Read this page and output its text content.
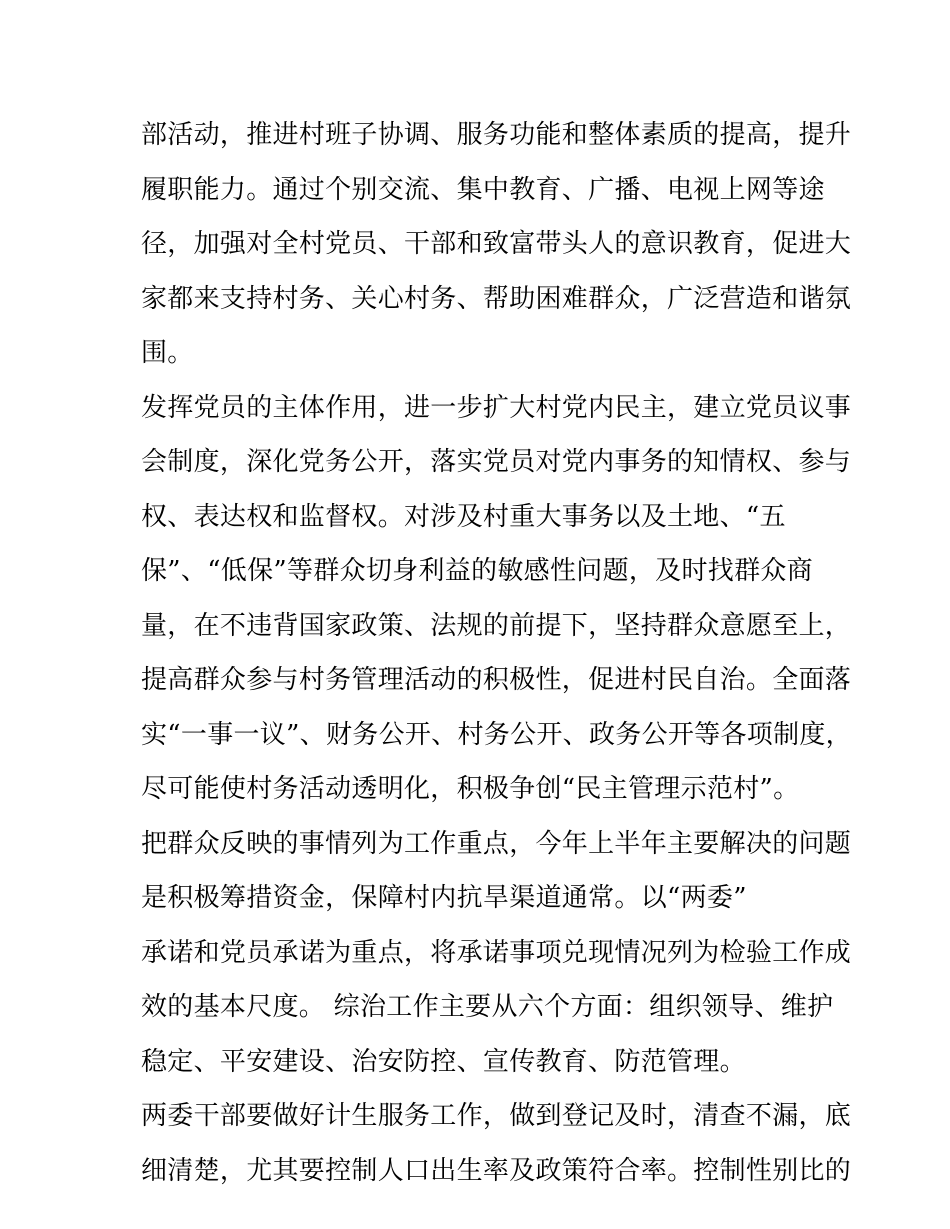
部活动，推进村班子协调、服务功能和整体素质的提高，提升
履职能力。通过个别交流、集中教育、广播、电视上网等途
径，加强对全村党员、干部和致富带头人的意识教育，促进大
家都来支持村务、关心村务、帮助困难群众，广泛营造和谐氛
围。
发挥党员的主体作用，进一步扩大村党内民主，建立党员议事
会制度，深化党务公开，落实党员对党内事务的知情权、参与
权、表达权和监督权。对涉及村重大事务以及土地、“五
保”、“低保”等群众切身利益的敏感性问题，及时找群众商
量，在不违背国家政策、法规的前提下，坚持群众意愿至上，
提高群众参与村务管理活动的积极性，促进村民自治。全面落
实“一事一议”、财务公开、村务公开、政务公开等各项制度，
尽可能使村务活动透明化，积极争创“民主管理示范村”。
把群众反映的事情列为工作重点，今年上半年主要解决的问题
是积极筹措资金，保障村内抗旱渠道通常。以“两委”
承诺和党员承诺为重点，将承诺事项兑现情况列为检验工作成
效的基本尺度。 综治工作主要从六个方面：组织领导、维护
稳定、平安建设、治安防控、宣传教育、防范管理。
两委干部要做好计生服务工作，做到登记及时，清查不漏，底
细清楚，尤其要控制人口出生率及政策符合率。控制性别比的
